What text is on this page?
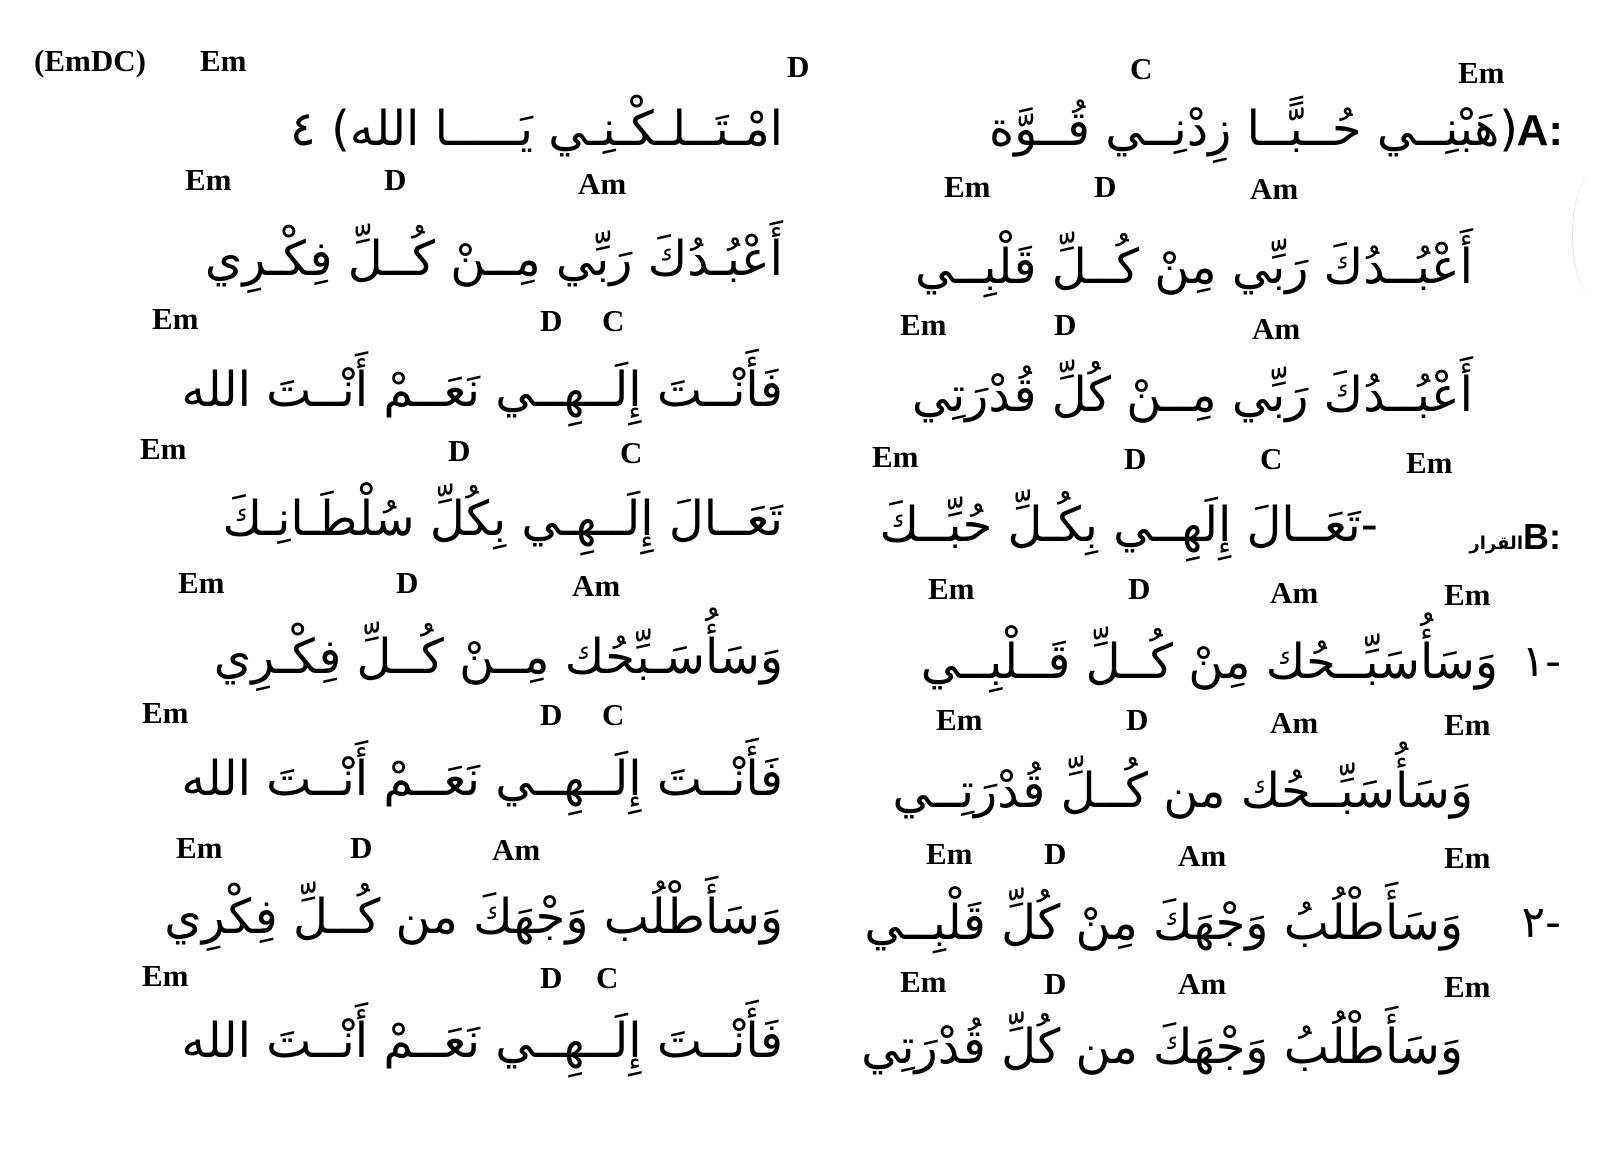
(EmDC) Em	D
امْـتَــلـكْـنِـي يَـــــا الله) ٤
Em	D	Am
أَعْبُـدُكَ رَبِّي مِــنْ كُــلِّ فِكْـرِي
Em	D C
فَأَنْــتَ إِلَــهِــي نَعَــمْ أَنْــتَ الله
Em	D	C
تَعَــالَ إِلَــهِـي بِكُلِّ سُلْطَـانِـكَ
Em	D	Am
وَسَأُسَـبِّحُك مِــنْ كُــلِّ فِكْـرِي
Em	D C
فَأَنْــتَ إِلَــهِــي نَعَــمْ أَنْــتَ الله
Em	D	Am
وَسَأَطْلُب وَجْهَكَ من كُــلِّ فِكْرِي
Em	D C
فَأَنْــتَ إِلَــهِــي نَعَــمْ أَنْــتَ الله
A:
القرارB:
١-
٢-
C	Em
(هَبْنِــي حُــبًّــا زِدْنِــي قُــوَّة
Em	D	Am
أَعْبُــدُكَ رَبِّي مِنْ كُــلِّ قَلْبِــي
Em	D	Am
أَعْبُــدُكَ رَبِّي مِــنْ كُلِّ قُدْرَتِي
Em	D	C
-تَعَــالَ إِلَهِــي بِكُـلِّ حُبِّــكَ
Em
Em	D	Am	Em
وَسَأُسَبِّــحُك مِنْ كُــلِّ قَــلْبِــي
Em	D	Am	Em
وَسَأُسَبِّــحُك من كُــلِّ قُدْرَتِــي
Em D	Am	Em
وَسَأَطْلُبُ وَجْهَكَ مِنْ كُلِّ قَلْبِــي
Em	D	Am	Em
وَسَأَطْلُبُ وَجْهَكَ من كُلِّ قُدْرَتِي
